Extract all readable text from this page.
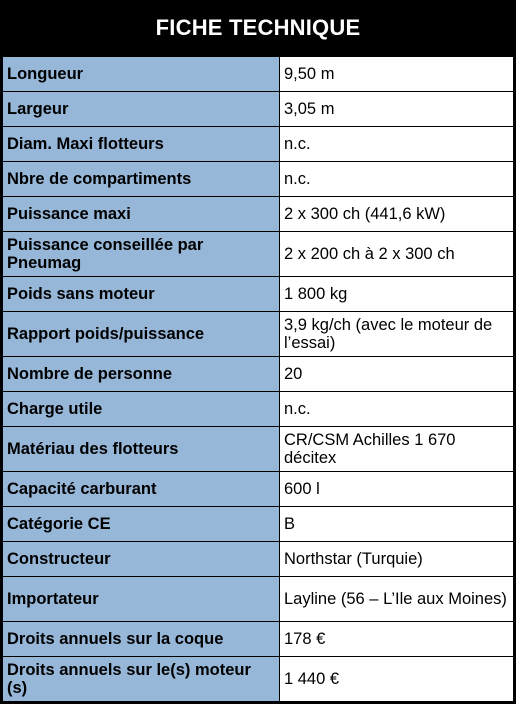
FICHE TECHNIQUE
Longueur	9,50 m
Largeur	3,05 m
Diam. Maxi flotteurs	n.c.
Nbre de compartiments	n.c.
Puissance maxi	2 x 300 ch (441,6 kW)
Puissance conseillée par Pneumag	2 x 200 ch à 2 x 300 ch
Poids sans moteur	1 800 kg
Rapport poids/puissance	3,9 kg/ch (avec le moteur de l’essai)
Nombre de personne	20
Charge utile	n.c.
Matériau des flotteurs	CR/CSM Achilles 1 670 décitex
Capacité carburant	600 l
Catégorie CE	B
Constructeur	Northstar (Turquie)
Importateur	Layline (56 – L’Ile aux Moines)
Droits annuels sur la coque	178 €
Droits annuels sur le(s) moteur (s)	1 440 €
